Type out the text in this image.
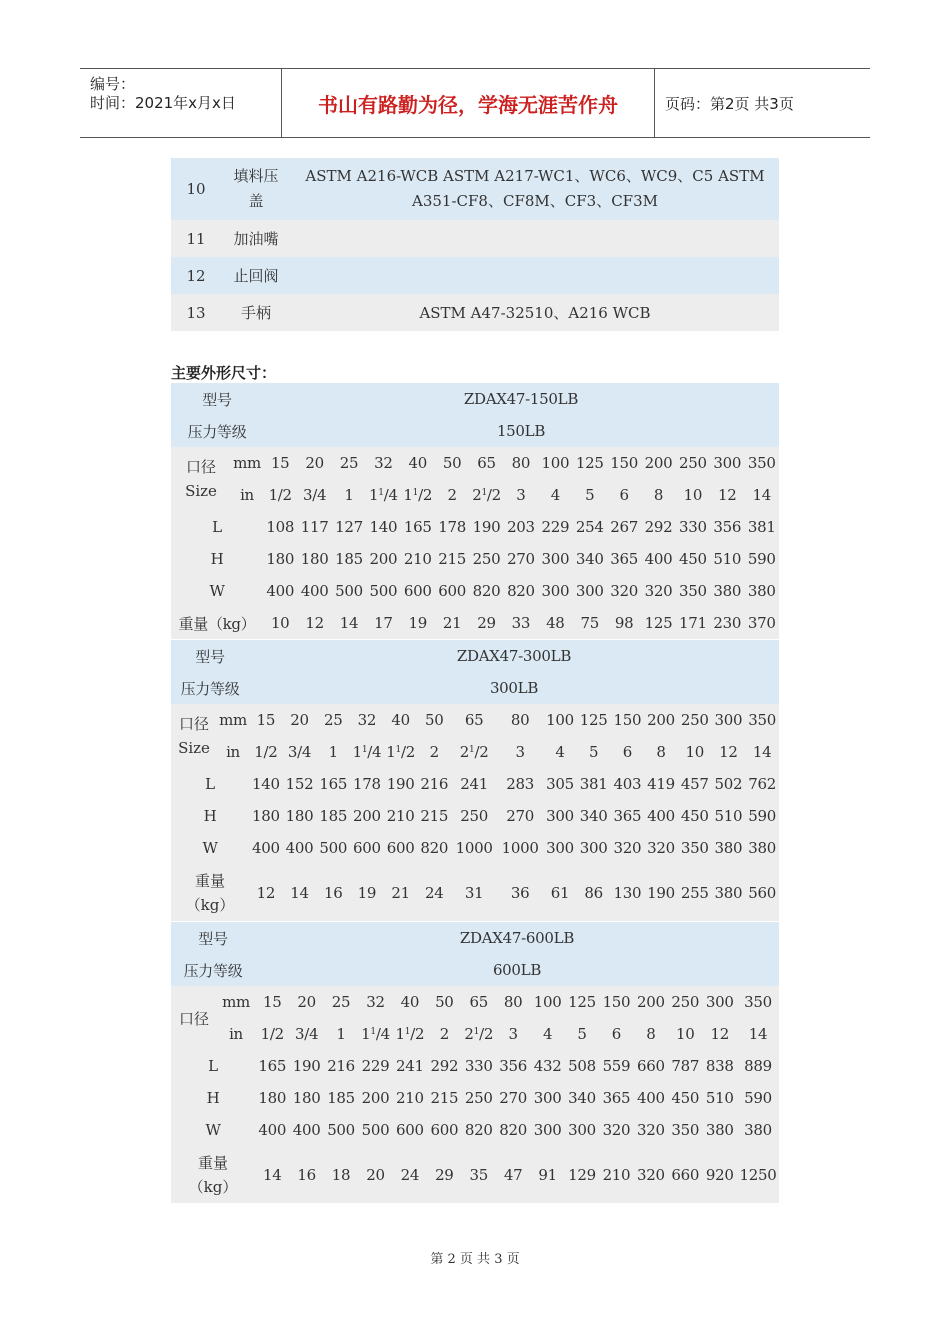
编号：
时间：2021年x月x日	书山有路勤为径，学海无涯苦作舟	页码：第2页 共3页
10	填料压盖	ASTM A216-WCB ASTM A217-WC1、WC6、WC9、C5 ASTM A351-CF8、CF8M、CF3、CF3M
11	加油嘴	
12	止回阀	
13	手柄	ASTM A47-32510、A216 WCB
主要外形尺寸：
型号		ZDAX47-150LB														
压力等级		150LB														

口径
Size	mm	15	20	25	32	40	50	65	80	100	125	150	200	250	300	350
	in	1/2	3/4	1	$1^1/4$	$1^1/2$	2	$2^1/2$	3	4	5	6	8	10	12	14
L		108	117	127	140	165	178	190	203	229	254	267	292	330	356	381
H		180	180	185	200	210	215	250	270	300	340	365	400	450	510	590
W		400	400	500	500	600	600	820	820	300	300	320	320	350	380	380
重量（kg）		10	12	14	17	19	21	29	33	48	75	98	125	171	230	370
型号		ZDAX47-300LB														
压力等级		300LB														

口径
Size	mm	15	20	25	32	40	50	65	80	100	125	150	200	250	300	350
	in	1/2	3/4	1	$1^1/4$	$1^1/2$	2	$2^1/2$	3	4	5	6	8	10	12	14
L		140	152	165	178	190	216	241	283	305	381	403	419	457	502	762
H		180	180	185	200	210	215	250	270	300	340	365	400	450	510	590
W		400	400	500	600	600	820	1000	1000	300	300	320	320	350	380	380

重量
（kg）		12	14	16	19	21	24	31	36	61	86	130	190	255	380	560
型号		ZDAX47-600LB														
压力等级		600LB														
口径	mm	15	20	25	32	40	50	65	80	100	125	150	200	250	300	350
	in	1/2	3/4	1	$1^1/4$	$1^1/2$	2	$2^1/2$	3	4	5	6	8	10	12	14
L		165	190	216	229	241	292	330	356	432	508	559	660	787	838	889
H		180	180	185	200	210	215	250	270	300	340	365	400	450	510	590
W		400	400	500	500	600	600	820	820	300	300	320	320	350	380	380

重量
（kg）		14	16	18	20	24	29	35	47	91	129	210	320	660	920	1250
第 2 页 共 3 页
